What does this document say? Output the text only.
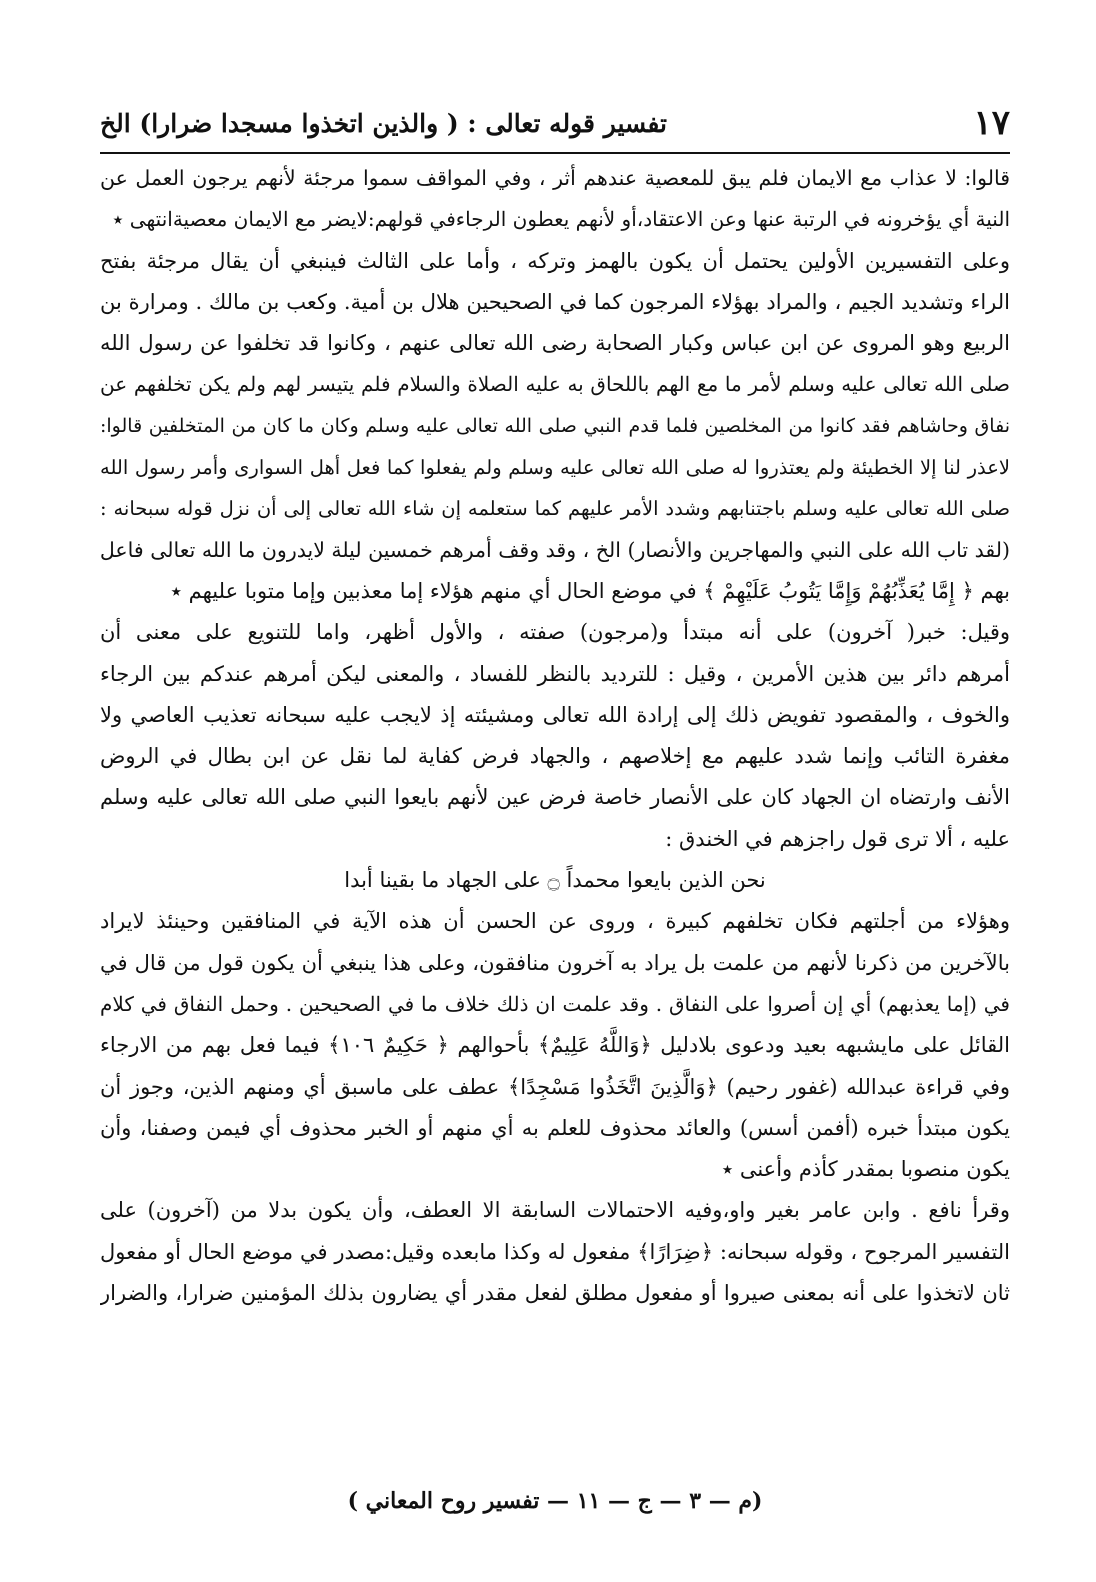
١٧
تفسير قوله تعالى : ( والذين اتخذوا مسجدا ضرارا) الخ
قالوا: لا عذاب مع الايمان فلم يبق للمعصية عندهم أثر ، وفي المواقف سموا مرجئة لأنهم يرجون العمل عن
النية أي يؤخرونه في الرتبة عنها وعن الاعتقاد،أو لأنهم يعطون الرجاءفي قولهم:لايضر مع الايمان معصيةانتهى ٭
وعلى التفسيرين الأولين يحتمل أن يكون بالهمز وتركه ، وأما على الثالث فينبغي أن يقال مرجئة بفتح
الراء وتشديد الجيم ، والمراد بهؤلاء المرجون كما في الصحيحين هلال بن أمية. وكعب بن مالك . ومرارة بن
الربيع وهو المروى عن ابن عباس وكبار الصحابة رضى الله تعالى عنهم ، وكانوا قد تخلفوا عن رسول الله
صلى الله تعالى عليه وسلم لأمر ما مع الهم باللحاق به عليه الصلاة والسلام فلم يتيسر لهم ولم يكن تخلفهم عن
نفاق وحاشاهم فقد كانوا من المخلصين فلما قدم النبي صلى الله تعالى عليه وسلم وكان ما كان من المتخلفين قالوا:
لاعذر لنا إلا الخطيئة ولم يعتذروا له صلى الله تعالى عليه وسلم ولم يفعلوا كما فعل أهل السوارى وأمر رسول الله
صلى الله تعالى عليه وسلم باجتنابهم وشدد الأمر عليهم كما ستعلمه إن شاء الله تعالى إلى أن نزل قوله سبحانه :
(لقد تاب الله على النبي والمهاجرين والأنصار) الخ ، وقد وقف أمرهم خمسين ليلة لايدرون ما الله تعالى فاعل
بهم ﴿ إِمَّا يُعَذِّبُهُمْ وَإِمَّا يَتُوبُ عَلَيْهِمْ ﴾ في موضع الحال أي منهم هؤلاء إما معذبين وإما متوبا عليهم ٭
وقيل: خبر( آخرون) على أنه مبتدأ و(مرجون) صفته ، والأول أظهر، واما للتنويع على معنى أن
أمرهم دائر بين هذين الأمرين ، وقيل : للترديد بالنظر للفساد ، والمعنى ليكن أمرهم عندكم بين الرجاء
والخوف ، والمقصود تفويض ذلك إلى إرادة الله تعالى ومشيئته إذ لايجب عليه سبحانه تعذيب العاصي ولا
مغفرة التائب وإنما شدد عليهم مع إخلاصهم ، والجهاد فرض كفاية لما نقل عن ابن بطال في الروض
الأنف وارتضاه ان الجهاد كان على الأنصار خاصة فرض عين لأنهم بايعوا النبي صلى الله تعالى عليه وسلم
عليه ، ألا ترى قول راجزهم في الخندق :
نحن الذين بايعوا محمداً ۝ على الجهاد ما بقينا أبدا
وهؤلاء من أجلتهم فكان تخلفهم كبيرة ، وروى عن الحسن أن هذه الآية في المنافقين وحينئذ لايراد
بالآخرين من ذكرنا لأنهم من علمت بل يراد به آخرون منافقون، وعلى هذا ينبغي أن يكون قول من قال في
في (إما يعذبهم) أي إن أصروا على النفاق . وقد علمت ان ذلك خلاف ما في الصحيحين . وحمل النفاق في كلام
القائل على مايشبهه بعيد ودعوى بلادليل ﴿وَاللَّهُ عَلِيمٌ﴾ بأحوالهم ﴿ حَكِيمٌ ١٠٦﴾ فيما فعل بهم من الارجاء
وفي قراءة عبدالله (غفور رحيم) ﴿وَالَّذِينَ اتَّخَذُوا مَسْجِدًا﴾ عطف على ماسبق أي ومنهم الذين، وجوز أن
يكون مبتدأ خبره (أفمن أسس) والعائد محذوف للعلم به أي منهم أو الخبر محذوف أي فيمن وصفنا، وأن
يكون منصوبا بمقدر كأذم وأعنى ٭
وقرأ نافع . وابن عامر بغير واو،وفيه الاحتمالات السابقة الا العطف، وأن يكون بدلا من (آخرون) على
التفسير المرجوح ، وقوله سبحانه: ﴿ضِرَارًا﴾ مفعول له وكذا مابعده وقيل:مصدر في موضع الحال أو مفعول
ثان لاتخذوا على أنه بمعنى صيروا أو مفعول مطلق لفعل مقدر أي يضارون بذلك المؤمنين ضرارا، والضرار
(م — ٣ — ج — ١١ — تفسير روح المعاني )
